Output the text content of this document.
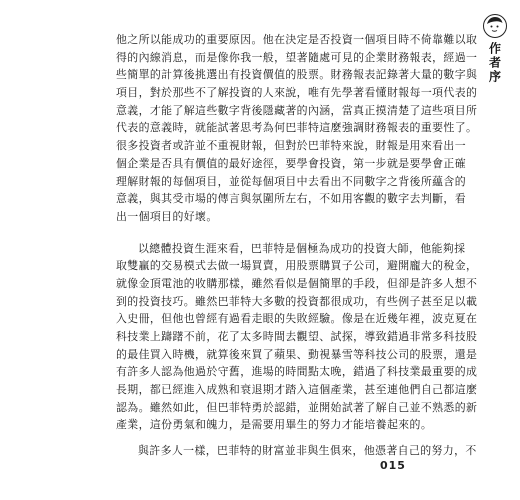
作者序

他之所以能成功的重要原因。他在決定是否投資一個項目時不倚靠難以取
得的內線消息，而是像你我一般，望著隨處可見的企業財務報表，經過一
些簡單的計算後挑選出有投資價值的股票。財務報表記錄著大量的數字與
項目，對於那些不了解投資的人來說，唯有先學著看懂財報每一項代表的
意義，才能了解這些數字背後隱藏著的內涵，當真正摸清楚了這些項目所
代表的意義時，就能試著思考為何巴菲特這麼強調財務報表的重要性了。
很多投資者或許並不重視財報，但對於巴菲特來說，財報是用來看出一
個企業是否具有價值的最好途徑，要學會投資，第一步就是要學會正確
理解財報的每個項目，並從每個項目中去看出不同數字之背後所蘊含的
意義，與其受市場的傳言與氛圍所左右，不如用客觀的數字去判斷，看
出一個項目的好壞。

以總體投資生涯來看，巴菲特是個極為成功的投資大師，他能夠採
取雙贏的交易模式去做一場買賣，用股票購買子公司，避開龐大的稅金，
就像金頂電池的收購那樣，雖然看似是個簡單的手段，但卻是許多人想不
到的投資技巧。雖然巴菲特大多數的投資都很成功，有些例子甚至足以載
入史冊，但他也曾經有過看走眼的失敗經驗。像是在近幾年裡，波克夏在
科技業上躊躇不前，花了太多時間去觀望、試探，導致錯過非常多科技股
的最佳買入時機，就算後來買了蘋果、動視暴雪等科技公司的股票，還是
有許多人認為他過於守舊，進場的時間點太晚，錯過了科技業最重要的成
長期，都已經進入成熟和衰退期才踏入這個產業，甚至連他們自己都這麼
認為。雖然如此，但巴菲特勇於認錯，並開始試著了解自己並不熟悉的新
產業，這份勇氣和魄力，是需要用畢生的努力才能培養起來的。

與許多人一樣，巴菲特的財富並非與生俱來，他憑著自己的努力，不

015
